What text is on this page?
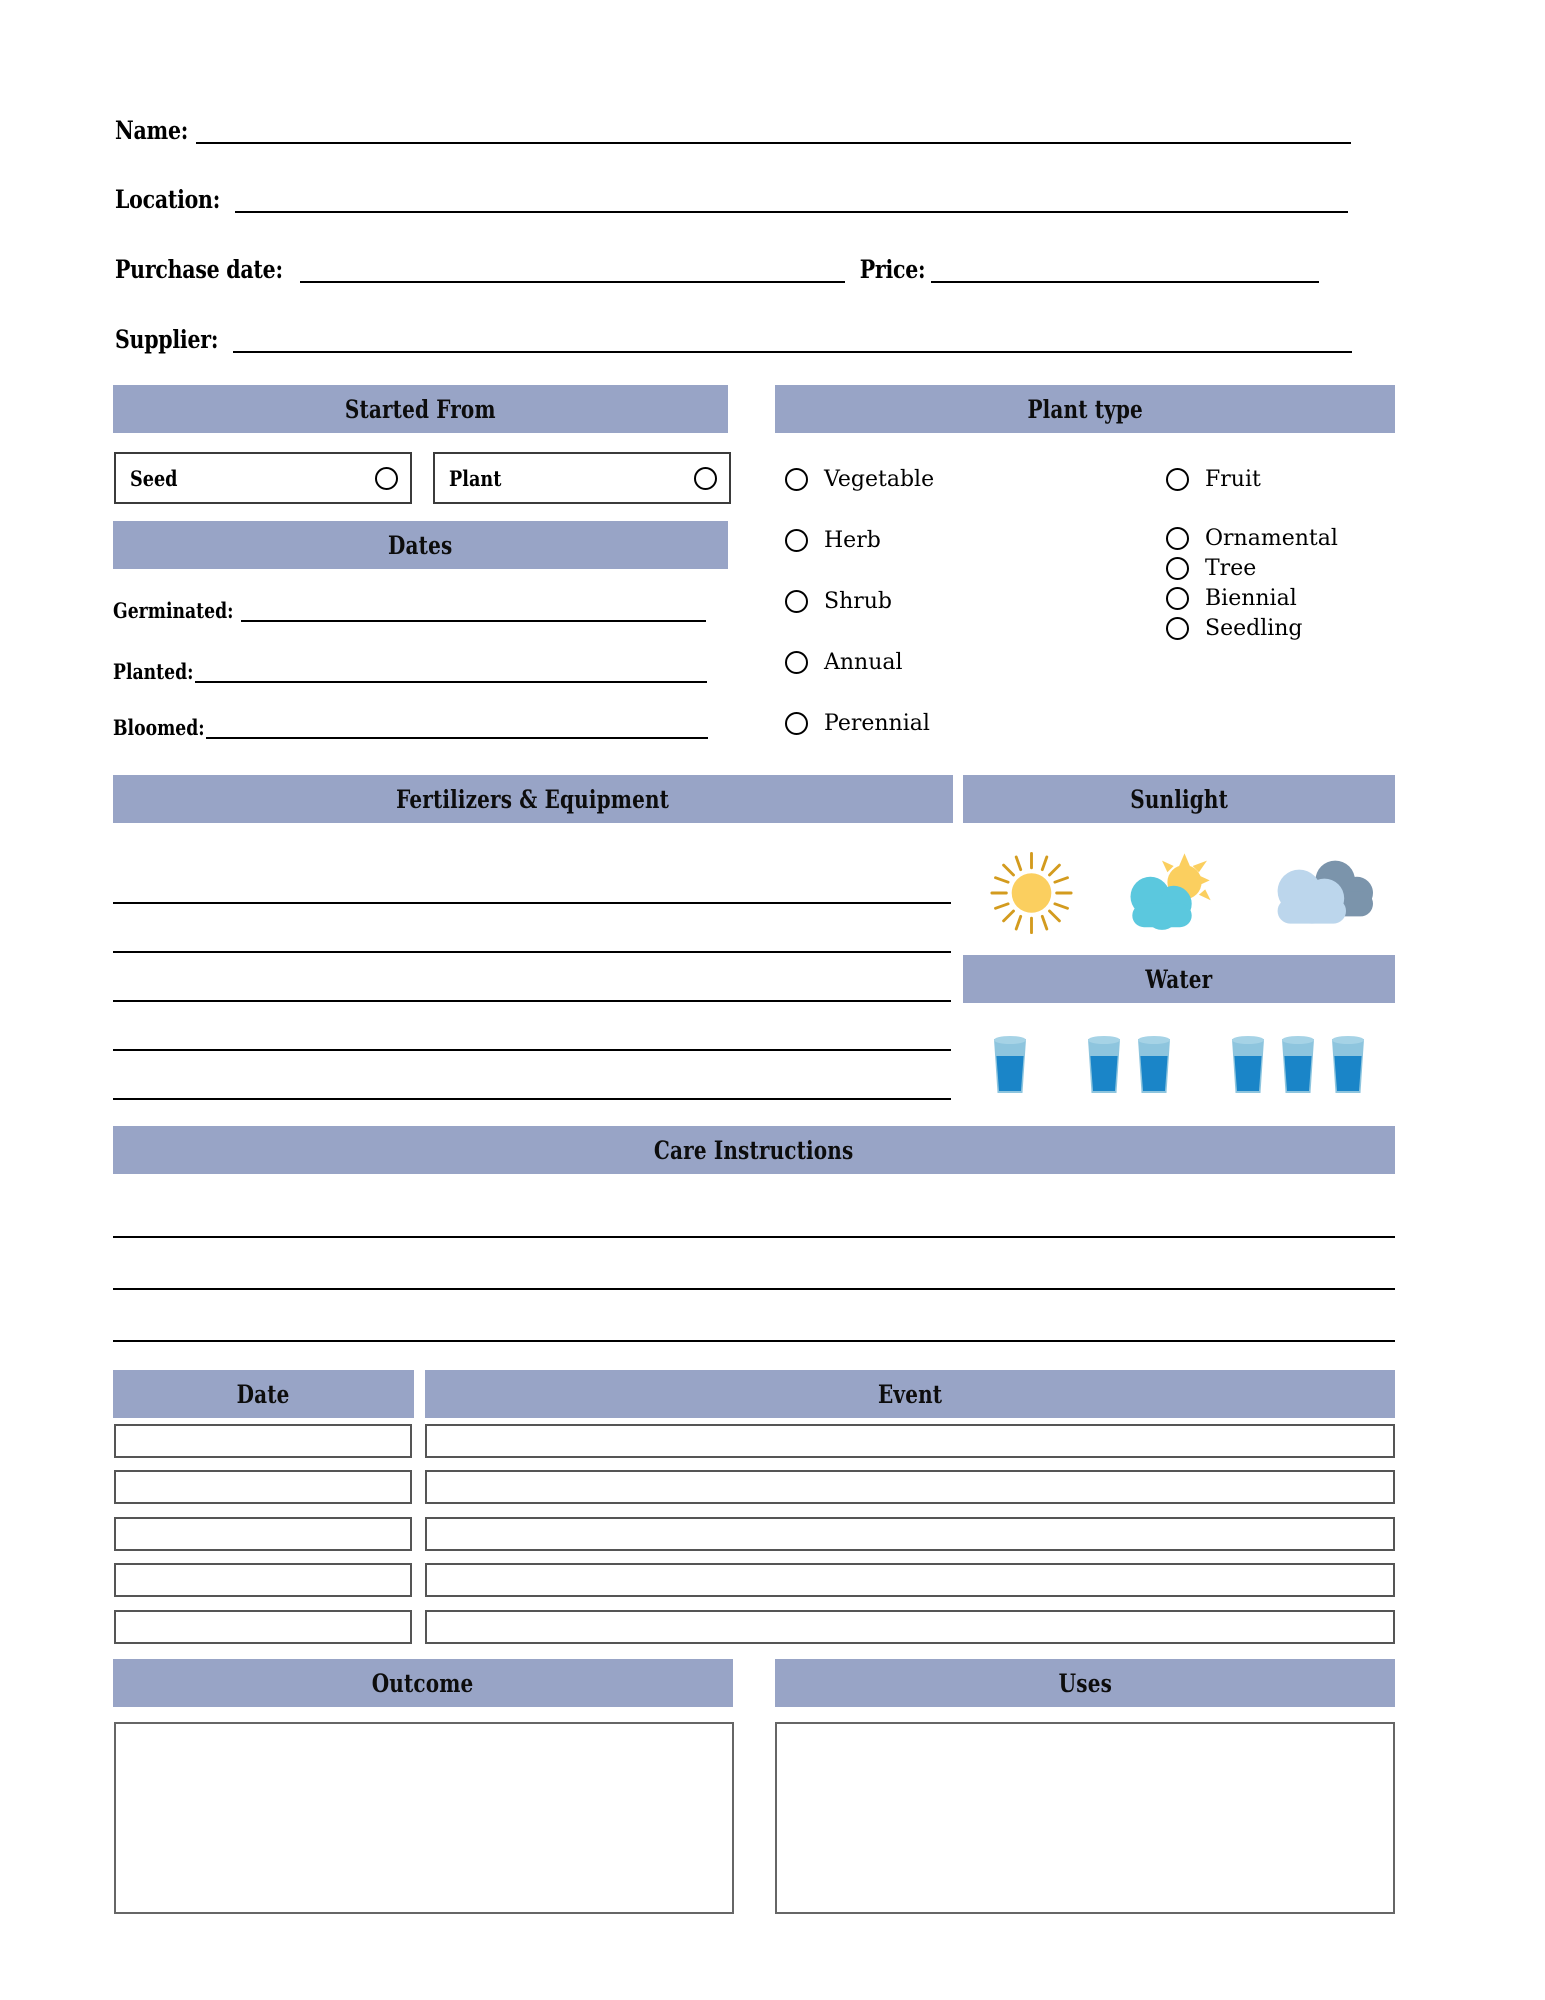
Name:
Location:
Purchase date:	Price:
Supplier:
Started From
Seed	Plant
Dates
Germinated:
Planted:
Bloomed:
Plant type
Vegetable
Herb
Shrub
Annual
Perennial
Fruit
Ornamental
Tree
Biennial
Seedling
Fertilizers & Equipment	Sunlight
Water
Care Instructions
Date	Event
Outcome	Uses
